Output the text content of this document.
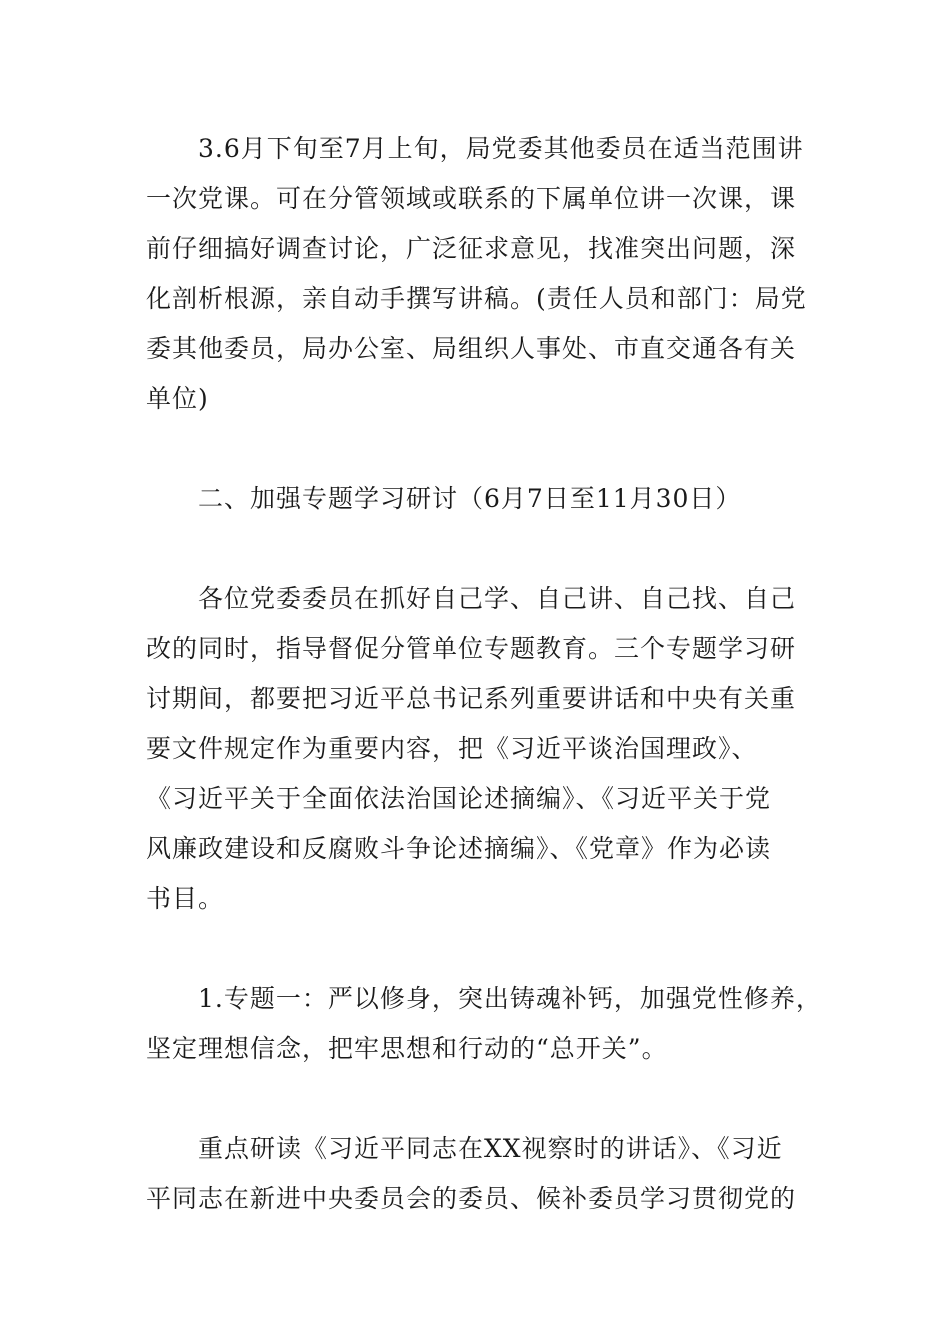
3.6月下旬至7月上旬，局党委其他委员在适当范围讲
一次党课。可在分管领域或联系的下属单位讲一次课，课
前仔细搞好调查讨论，广泛征求意见，找准突出问题，深
化剖析根源，亲自动手撰写讲稿。(责任人员和部门：局党
委其他委员，局办公室、局组织人事处、市直交通各有关
单位)
二、加强专题学习研讨（6月7日至11月30日）
各位党委委员在抓好自己学、自己讲、自己找、自己
改的同时，指导督促分管单位专题教育。三个专题学习研
讨期间，都要把习近平总书记系列重要讲话和中央有关重
要文件规定作为重要内容，把《习近平谈治国理政》、
《习近平关于全面依法治国论述摘编》、《习近平关于党
风廉政建设和反腐败斗争论述摘编》、《党章》作为必读
书目。
1.专题一：严以修身，突出铸魂补钙，加强党性修养，
坚定理想信念，把牢思想和行动的“总开关”。
重点研读《习近平同志在XX视察时的讲话》、《习近
平同志在新进中央委员会的委员、候补委员学习贯彻党的
